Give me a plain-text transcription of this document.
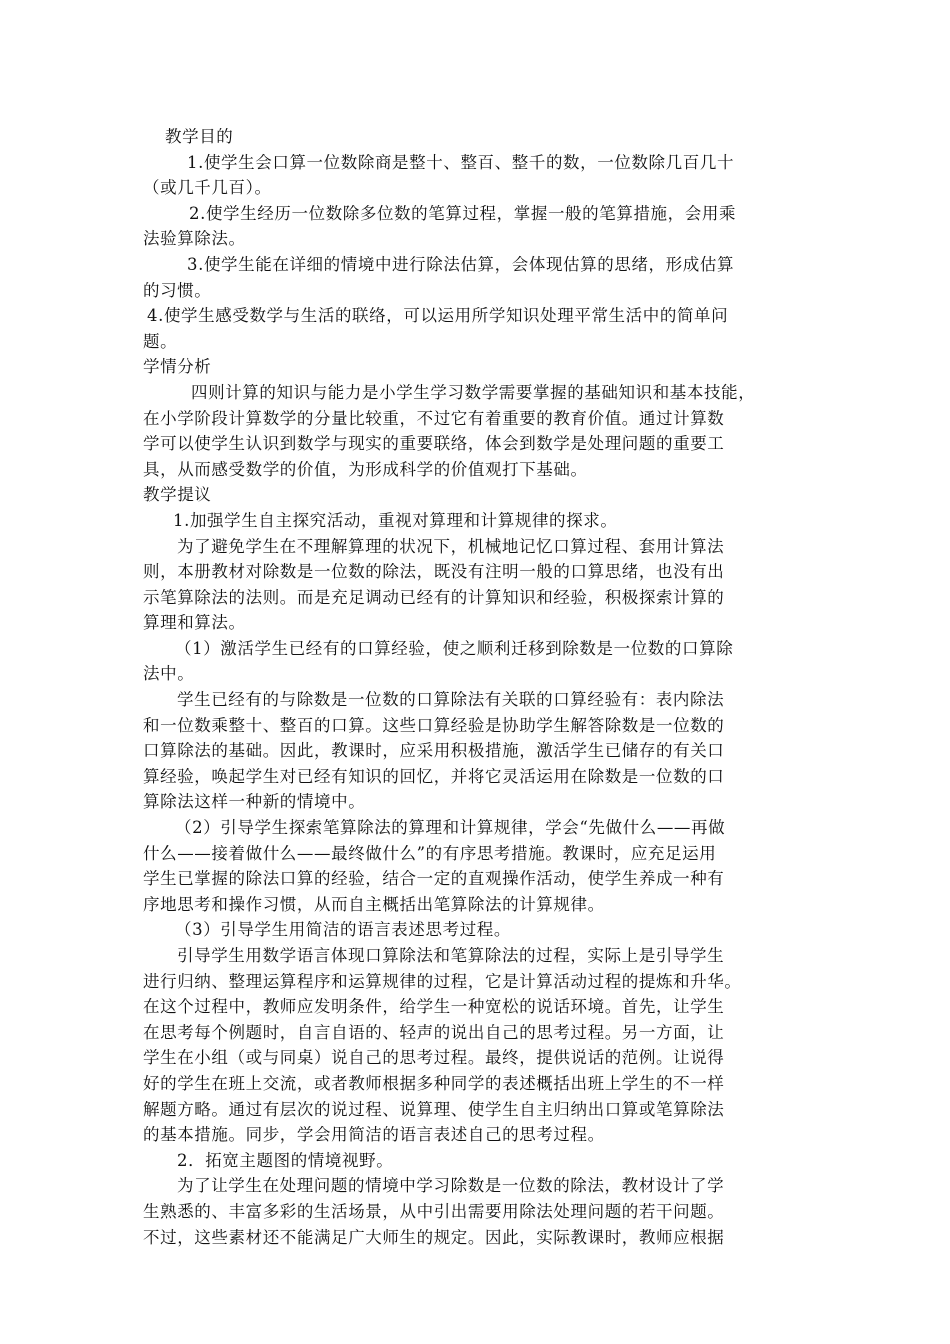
教学目的
1.使学生会口算一位数除商是整十、整百、整千的数，一位数除几百几十
（或几千几百）。
2.使学生经历一位数除多位数的笔算过程，掌握一般的笔算措施，会用乘
法验算除法。
3.使学生能在详细的情境中进行除法估算，会体现估算的思绪，形成估算
的习惯。
4.使学生感受数学与生活的联络，可以运用所学知识处理平常生活中的简单问
题。
学情分析
四则计算的知识与能力是小学生学习数学需要掌握的基础知识和基本技能，
在小学阶段计算数学的分量比较重，不过它有着重要的教育价值。通过计算数
学可以使学生认识到数学与现实的重要联络，体会到数学是处理问题的重要工
具，从而感受数学的价值，为形成科学的价值观打下基础。
教学提议
1.加强学生自主探究活动，重视对算理和计算规律的探求。
为了避免学生在不理解算理的状况下，机械地记忆口算过程、套用计算法
则，本册教材对除数是一位数的除法，既没有注明一般的口算思绪，也没有出
示笔算除法的法则。而是充足调动已经有的计算知识和经验，积极探索计算的
算理和算法。
（1）激活学生已经有的口算经验，使之顺利迁移到除数是一位数的口算除
法中。
学生已经有的与除数是一位数的口算除法有关联的口算经验有：表内除法
和一位数乘整十、整百的口算。这些口算经验是协助学生解答除数是一位数的
口算除法的基础。因此，教课时，应采用积极措施，激活学生已储存的有关口
算经验，唤起学生对已经有知识的回忆，并将它灵活运用在除数是一位数的口
算除法这样一种新的情境中。
（2）引导学生探索笔算除法的算理和计算规律，学会“先做什么——再做
什么——接着做什么——最终做什么”的有序思考措施。教课时，应充足运用
学生已掌握的除法口算的经验，结合一定的直观操作活动，使学生养成一种有
序地思考和操作习惯，从而自主概括出笔算除法的计算规律。
（3）引导学生用简洁的语言表述思考过程。
引导学生用数学语言体现口算除法和笔算除法的过程，实际上是引导学生
进行归纳、整理运算程序和运算规律的过程，它是计算活动过程的提炼和升华。
在这个过程中，教师应发明条件，给学生一种宽松的说话环境。首先，让学生
在思考每个例题时，自言自语的、轻声的说出自己的思考过程。另一方面，让
学生在小组（或与同桌）说自己的思考过程。最终，提供说话的范例。让说得
好的学生在班上交流，或者教师根据多种同学的表述概括出班上学生的不一样
解题方略。通过有层次的说过程、说算理、使学生自主归纳出口算或笔算除法
的基本措施。同步，学会用简洁的语言表述自己的思考过程。
2．拓宽主题图的情境视野。
为了让学生在处理问题的情境中学习除数是一位数的除法，教材设计了学
生熟悉的、丰富多彩的生活场景，从中引出需要用除法处理问题的若干问题。
不过，这些素材还不能满足广大师生的规定。因此，实际教课时，教师应根据
